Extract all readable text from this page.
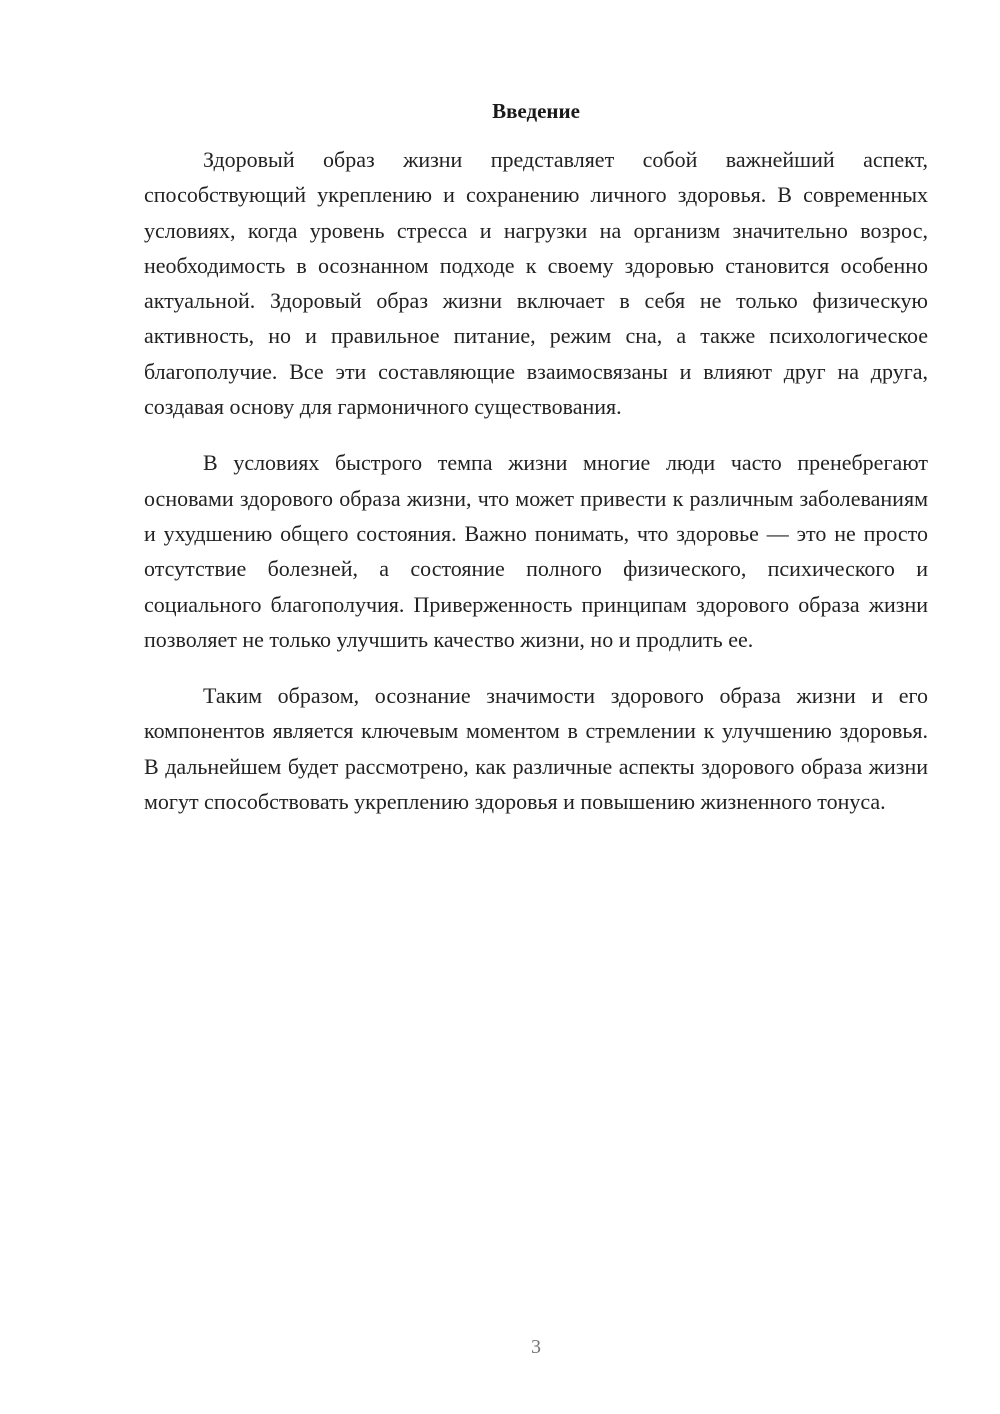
Введение

Здоровый образ жизни представляет собой важнейший аспект, способствующий укреплению и сохранению личного здоровья. В современных условиях, когда уровень стресса и нагрузки на организм значительно возрос, необходимость в осознанном подходе к своему здоровью становится особенно актуальной. Здоровый образ жизни включает в себя не только физическую активность, но и правильное питание, режим сна, а также психологическое благополучие. Все эти составляющие взаимосвязаны и влияют друг на друга, создавая основу для гармоничного существования.

В условиях быстрого темпа жизни многие люди часто пренебрегают основами здорового образа жизни, что может привести к различным заболеваниям и ухудшению общего состояния. Важно понимать, что здоровье — это не просто отсутствие болезней, а состояние полного физического, психического и социального благополучия. Приверженность принципам здорового образа жизни позволяет не только улучшить качество жизни, но и продлить ее.

Таким образом, осознание значимости здорового образа жизни и его компонентов является ключевым моментом в стремлении к улучшению здоровья. В дальнейшем будет рассмотрено, как различные аспекты здорового образа жизни могут способствовать укреплению здоровья и повышению жизненного тонуса.

3
